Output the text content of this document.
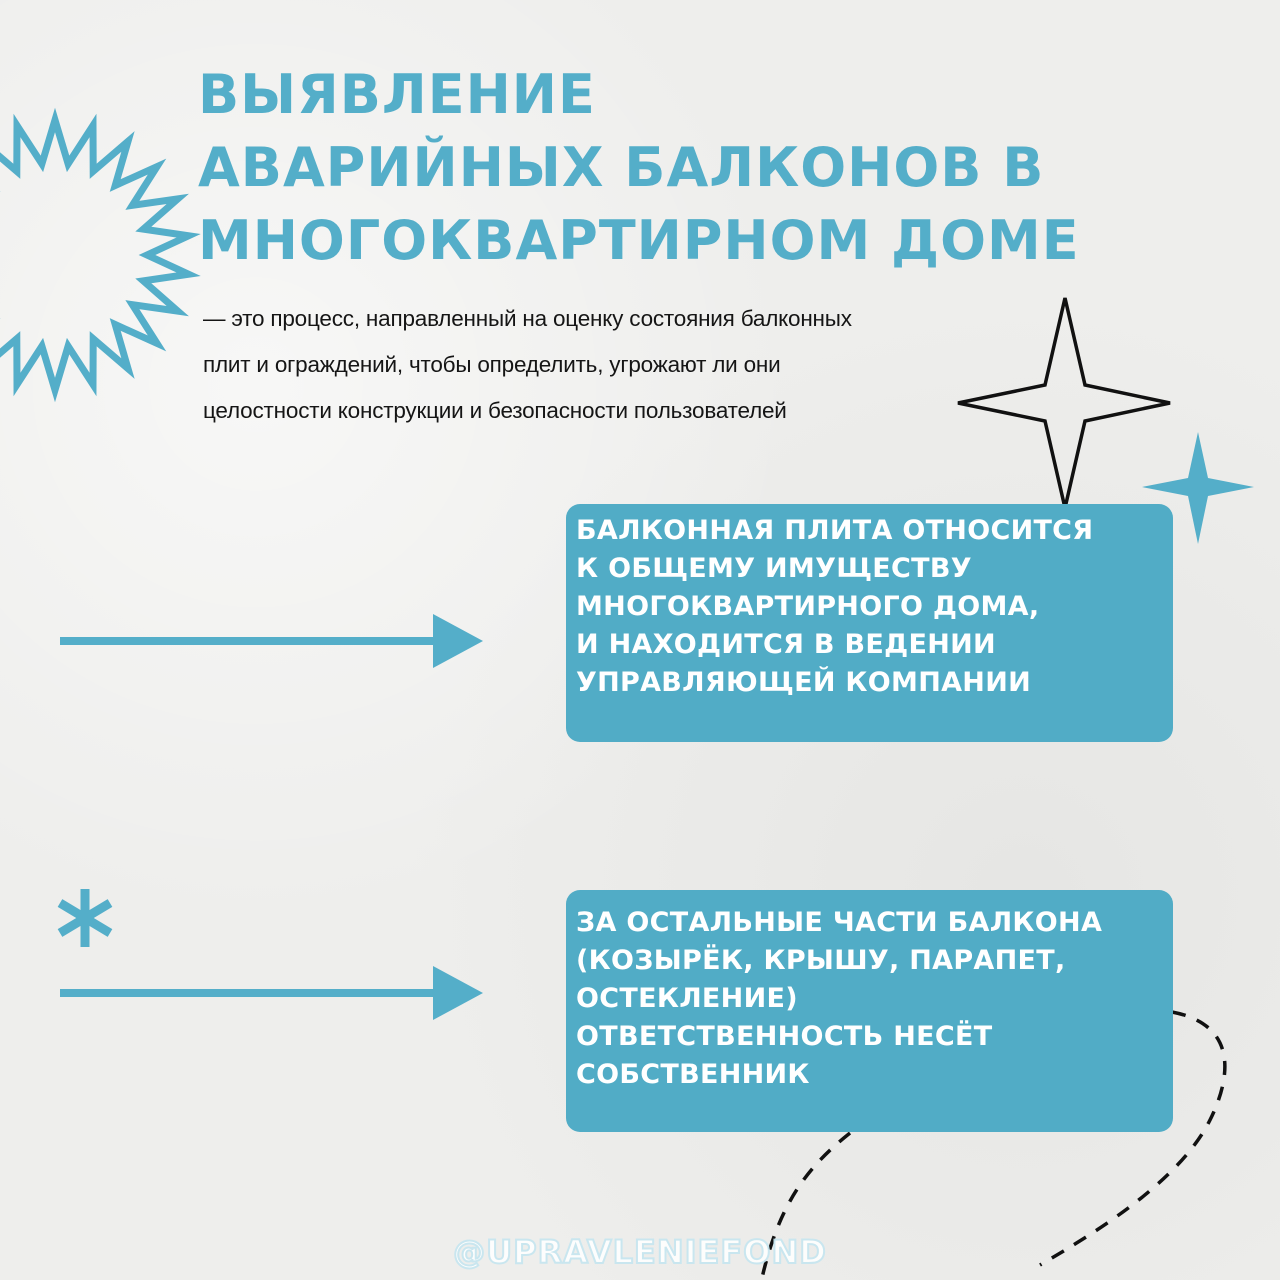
ВЫЯВЛЕНИЕ
АВАРИЙНЫХ БАЛКОНОВ В
МНОГОКВАРТИРНОМ ДОМЕ
— это процесс, направленный на оценку состояния балконных
плит и ограждений, чтобы определить, угрожают ли они
целостности конструкции и безопасности пользователей
БАЛКОННАЯ ПЛИТА ОТНОСИТСЯ
К ОБЩЕМУ ИМУЩЕСТВУ
МНОГОКВАРТИРНОГО ДОМА,
И НАХОДИТСЯ В ВЕДЕНИИ
УПРАВЛЯЮЩЕЙ КОМПАНИИ
ЗА ОСТАЛЬНЫЕ ЧАСТИ БАЛКОНА
(КОЗЫРЁК, КРЫШУ, ПАРАПЕТ,
ОСТЕКЛЕНИЕ)
ОТВЕТСТВЕННОСТЬ НЕСЁТ
СОБСТВЕННИК
@UPRAVLENIEFOND
